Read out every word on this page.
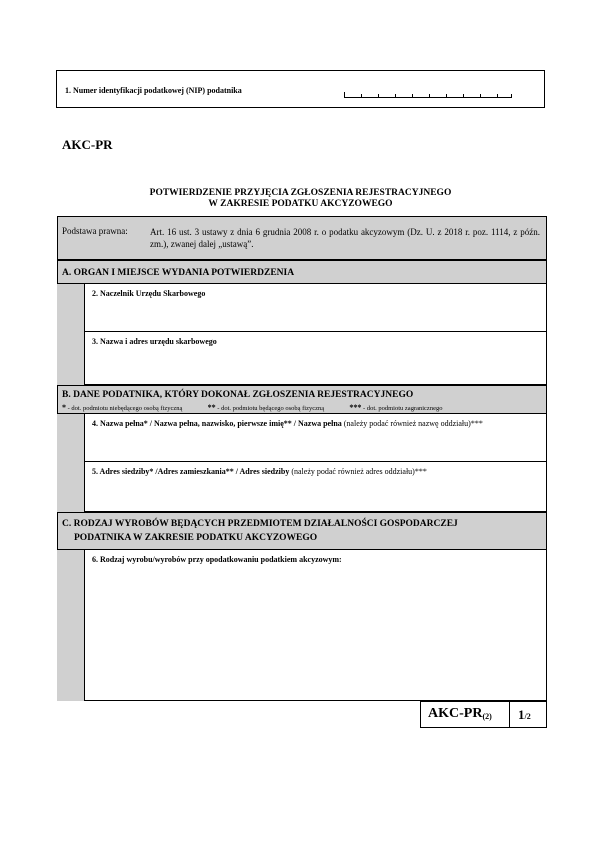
1. Numer identyfikacji podatkowej (NIP) podatnika
AKC-PR
POTWIERDZENIE PRZYJĘCIA ZGŁOSZENIA REJESTRACYJNEGO
W ZAKRESIE PODATKU AKCYZOWEGO
Podstawa prawna: Art. 16 ust. 3 ustawy z dnia 6 grudnia 2008 r. o podatku akcyzowym (Dz. U. z 2018 r. poz. 1114, z późn. zm.), zwanej dalej „ustawą”.
A. ORGAN I MIEJSCE WYDANIA POTWIERDZENIA
2. Naczelnik Urzędu Skarbowego
3. Nazwa i adres urzędu skarbowego
B. DANE PODATNIKA, KTÓRY DOKONAŁ ZGŁOSZENIA REJESTRACYJNEGO
* - dot. podmiotu niebędącego osobą fizyczną	** - dot. podmiotu będącego osobą fizyczną	*** - dot. podmiotu zagranicznego
4. Nazwa pełna* / Nazwa pełna, nazwisko, pierwsze imię** / Nazwa pełna (należy podać również nazwę oddziału)***
5. Adres siedziby* /Adres zamieszkania** / Adres siedziby (należy podać również adres oddziału)***
C. RODZAJ WYROBÓW BĘDĄCYCH PRZEDMIOTEM DZIAŁALNOŚCI GOSPODARCZEJ
PODATNIKA W ZAKRESIE PODATKU AKCYZOWEGO
6. Rodzaj wyrobu/wyrobów przy opodatkowaniu podatkiem akcyzowym:
AKC-$PR_{(2)}$ 1/2
